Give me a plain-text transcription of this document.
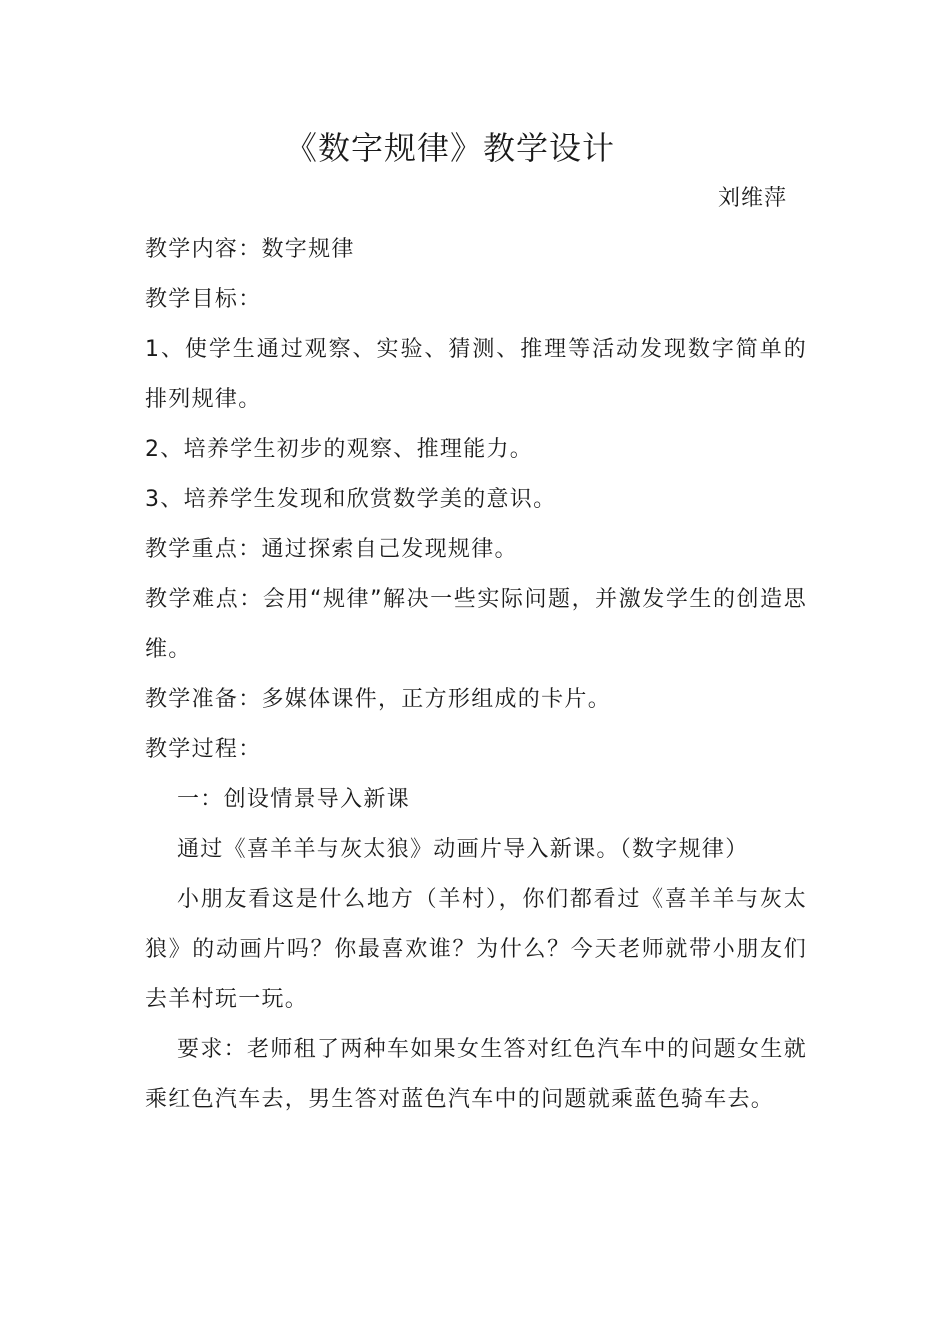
《数字规律》教学设计
刘维萍

教学内容：数字规律

教学目标：

1、使学生通过观察、实验、猜测、推理等活动发现数字简单的排列规律。

2、培养学生初步的观察、推理能力。

3、培养学生发现和欣赏数学美的意识。

教学重点：通过探索自己发现规律。

教学难点：会用“规律”解决一些实际问题，并激发学生的创造思维。

教学准备：多媒体课件，正方形组成的卡片。

教学过程：

一：创设情景导入新课

通过《喜羊羊与灰太狼》动画片导入新课。（数字规律）

小朋友看这是什么地方（羊村），你们都看过《喜羊羊与灰太狼》的动画片吗？你最喜欢谁？为什么？今天老师就带小朋友们去羊村玩一玩。

要求：老师租了两种车如果女生答对红色汽车中的问题女生就乘红色汽车去，男生答对蓝色汽车中的问题就乘蓝色骑车去。
